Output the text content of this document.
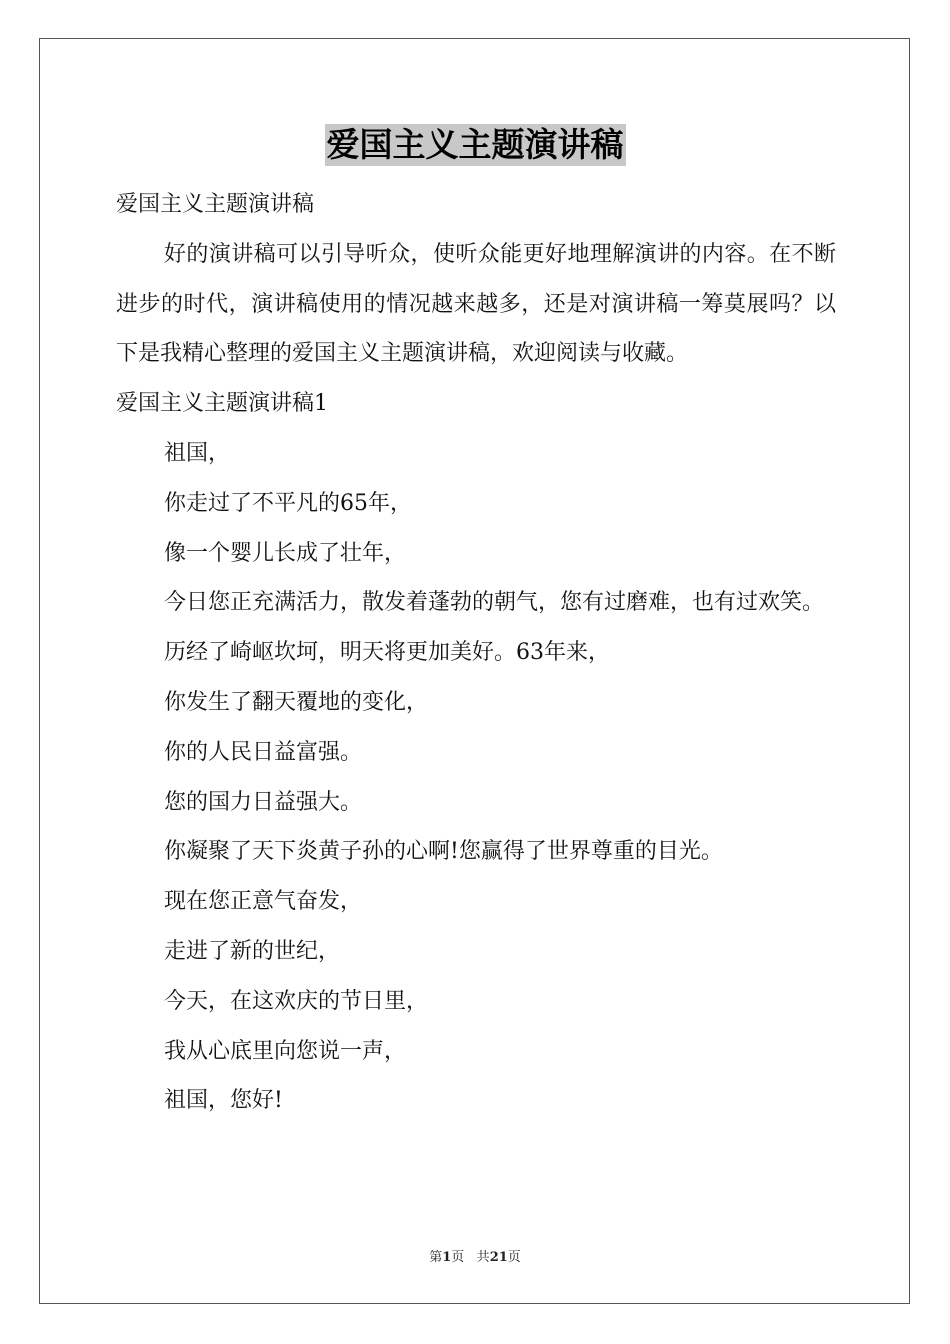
爱国主义主题演讲稿

爱国主义主题演讲稿

好的演讲稿可以引导听众，使听众能更好地理解演讲的内容。在不断进步的时代，演讲稿使用的情况越来越多，还是对演讲稿一筹莫展吗？以下是我精心整理的爱国主义主题演讲稿，欢迎阅读与收藏。

爱国主义主题演讲稿1

祖国，

你走过了不平凡的65年，

像一个婴儿长成了壮年，

今日您正充满活力，散发着蓬勃的朝气，您有过磨难，也有过欢笑。

历经了崎岖坎坷，明天将更加美好。63年来，

你发生了翻天覆地的变化，

你的人民日益富强。

您的国力日益强大。

你凝聚了天下炎黄子孙的心啊!您赢得了世界尊重的目光。

现在您正意气奋发，

走进了新的世纪，

今天，在这欢庆的节日里，

我从心底里向您说一声，

祖国，您好!

第1页 共21页
